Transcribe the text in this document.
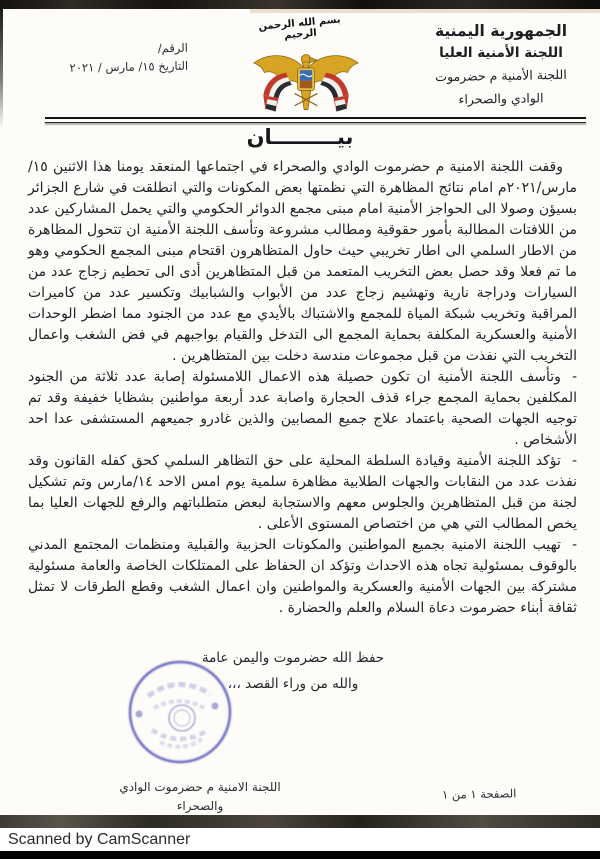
الرقم/
التاريخ ١٥/ مارس / ٢٠٢١
بسم الله الرحمن الرحيم	الجمهورية اليمنية
اللجنة الأمنية العليا
اللجنة الأمنية م حضرموت
الوادي والصحراء
بيـــــــــان

وقفت اللجنة الامنية م حضرموت الوادي والصحراء في اجتماعها المنعقد يومنا هذا الاثنين ١٥/مارس/٢٠٢١م امام نتائج المظاهرة التي نظمتها بعض المكونات والتي انطلقت في شارع الجزائر بسيؤن وصولا الى الحواجز الأمنية امام مبنى مجمع الدوائر الحكومي والتي يحمل المشاركين عدد من اللافتات المطالبة بأمور حقوقية ومطالب مشروعة وتأسف اللجنة الأمنية ان تتحول المظاهرة من الاطار السلمي الى اطار تخريبي حيث حاول المتظاهرون اقتحام مبنى المجمع الحكومي وهو ما تم فعلا وقد حصل بعض التخريب المتعمد من قبل المتظاهرين أدى الى تحطيم زجاج عدد من السيارات ودراجة نارية وتهشيم زجاج عدد من الأبواب والشبابيك وتكسير عدد من كاميرات المراقبة وتخريب شبكة المياة للمجمع والاشتباك بالأيدي مع عدد من الجنود مما اضطر الوحدات الأمنية والعسكرية المكلفة بحماية المجمع الى التدخل والقيام بواجبهم في فض الشغب واعمال التخريب التي نفذت من قبل مجموعات مندسة دخلت بين المتظاهرين .

-وتأسف اللجنة الأمنية ان تكون حصيلة هذه الاعمال اللامسئولة إصابة عدد ثلاثة من الجنود المكلفين بحماية المجمع جراء قذف الحجارة واصابة عدد أربعة مواطنين بشظايا خفيفة وقد تم توجيه الجهات الصحية باعتماد علاج جميع المصابين والذين غادرو جميعهم المستشفى عدا احد الأشخاص .

-تؤكد اللجنة الأمنية وقيادة السلطة المحلية على حق التظاهر السلمي كحق كفله القانون وقد نفذت عدد من النقابات والجهات الطلابية مظاهرة سلمية يوم امس الاحد ١٤/مارس وتم تشكيل لجنة من قبل المتظاهرين والجلوس معهم والاستجابة لبعض متطلباتهم والرفع للجهات العليا بما يخص المطالب التي هي من اختصاص المستوى الأعلى .

-تهيب اللجنة الامنية بجميع المواطنين والمكونات الحزبية والقبلية ومنظمات المجتمع المدني بالوقوف بمسئولية تجاه هذه الاحداث وتؤكد ان الحفاظ على الممتلكات الخاصة والعامة مسئولية مشتركة بين الجهات الأمنية والعسكرية والمواطنين وان اعمال الشغب وقطع الطرقات لا تمثل ثقافة أبناء حضرموت دعاة السلام والعلم والحضارة .

حفظ الله حضرموت واليمن عامة
والله من وراء القصد ،،،
اللجنة الامنية م حضرموت الوادي والصحراء
الصفحة ١ من ١
Scanned by CamScanner
